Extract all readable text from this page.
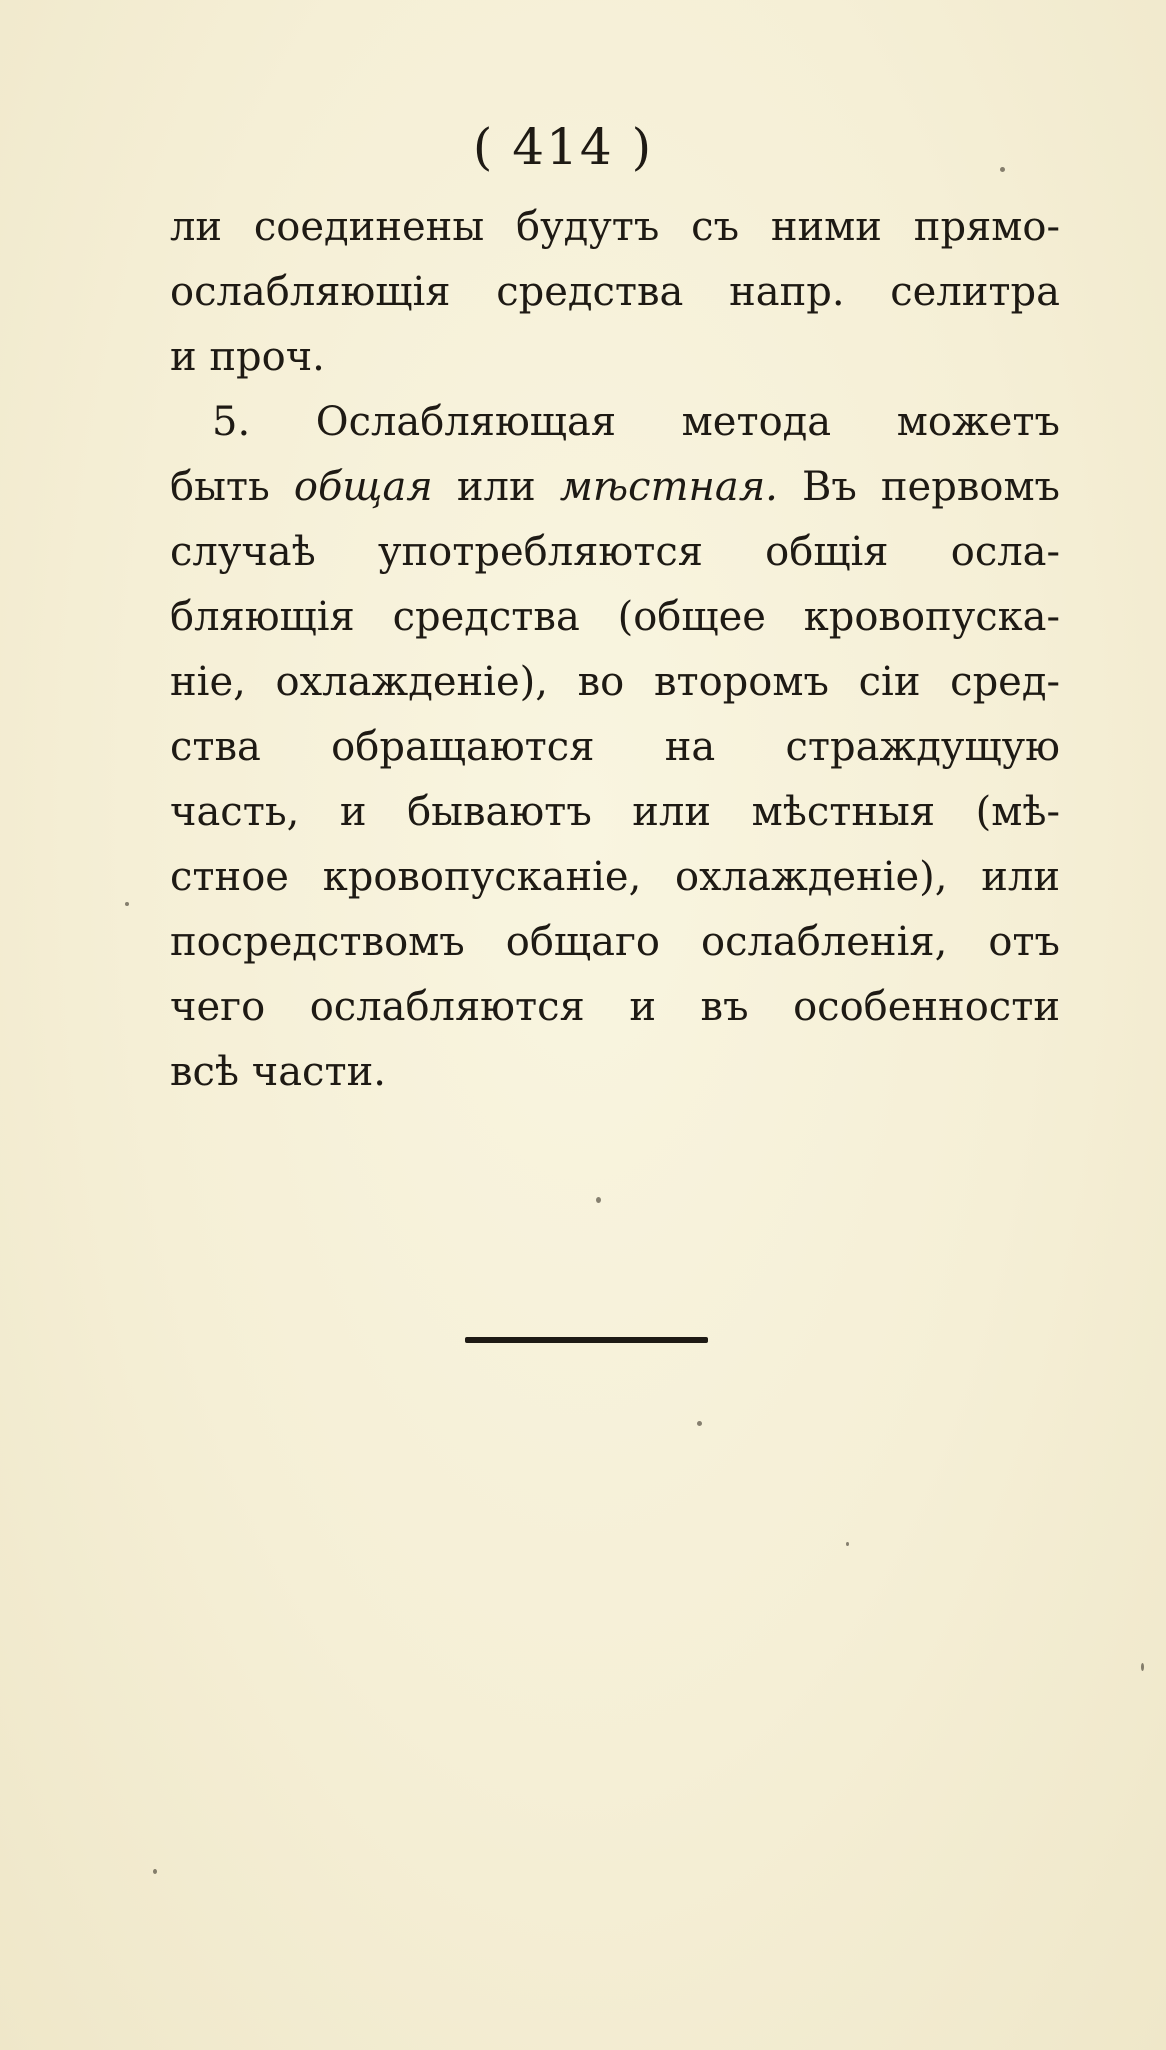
( 414 )
ли соединены будутъ съ ними прямо-
ослабляющія средства напр. селитра
и проч.
5. Ослабляющая метода можетъ
быть общая или мѣстная. Въ первомъ
случаѣ употребляются общія осла-
бляющія средства (общее кровопуска-
ніе, охлажденіе), во второмъ сіи сред-
ства обращаются на страждущую
часть, и бываютъ или мѣстныя (мѣ-
стное кровопусканіе, охлажденіе), или
посредствомъ общаго ослабленія, отъ
чего ослабляются и въ особенности
всѣ части.
